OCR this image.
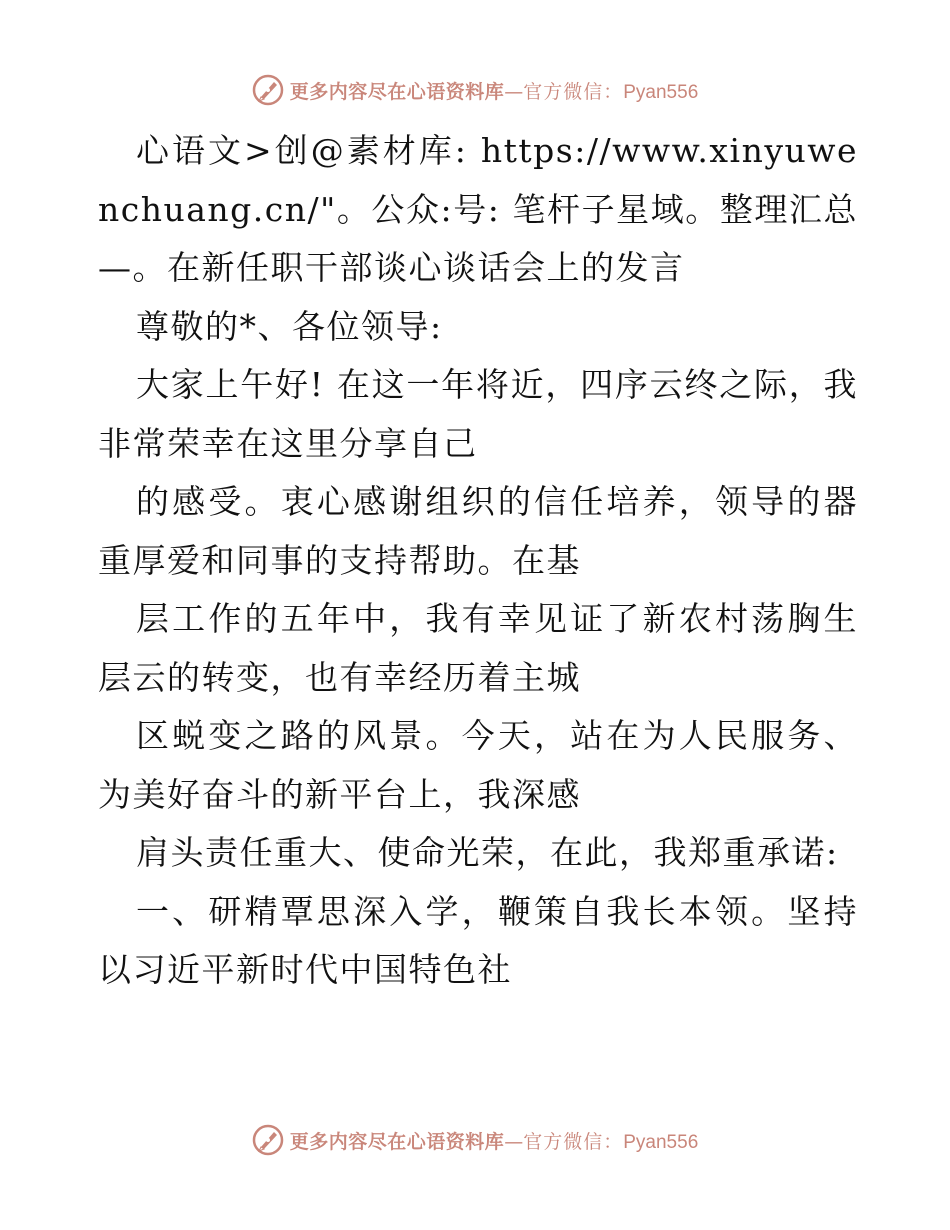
更多内容尽在心语资料库 — 官方微信： Pyan556

心语文>创@素材库: https://www.xinyuwenchuang.cn/"。公众:号: 笔杆子星域。整理汇总—。在新任职干部谈心谈话会上的发言

尊敬的*、各位领导:

大家上午好! 在这一年将近，四序云终之际，我非常荣幸在这里分享自己

的感受。衷心感谢组织的信任培养，领导的器重厚爱和同事的支持帮助。在基

层工作的五年中，我有幸见证了新农村荡胸生层云的转变，也有幸经历着主城

区蜕变之路的风景。今天，站在为人民服务、为美好奋斗的新平台上，我深感

肩头责任重大、使命光荣，在此，我郑重承诺:

一、研精覃思深入学，鞭策自我长本领。坚持以习近平新时代中国特色社

更多内容尽在心语资料库 — 官方微信： Pyan556
